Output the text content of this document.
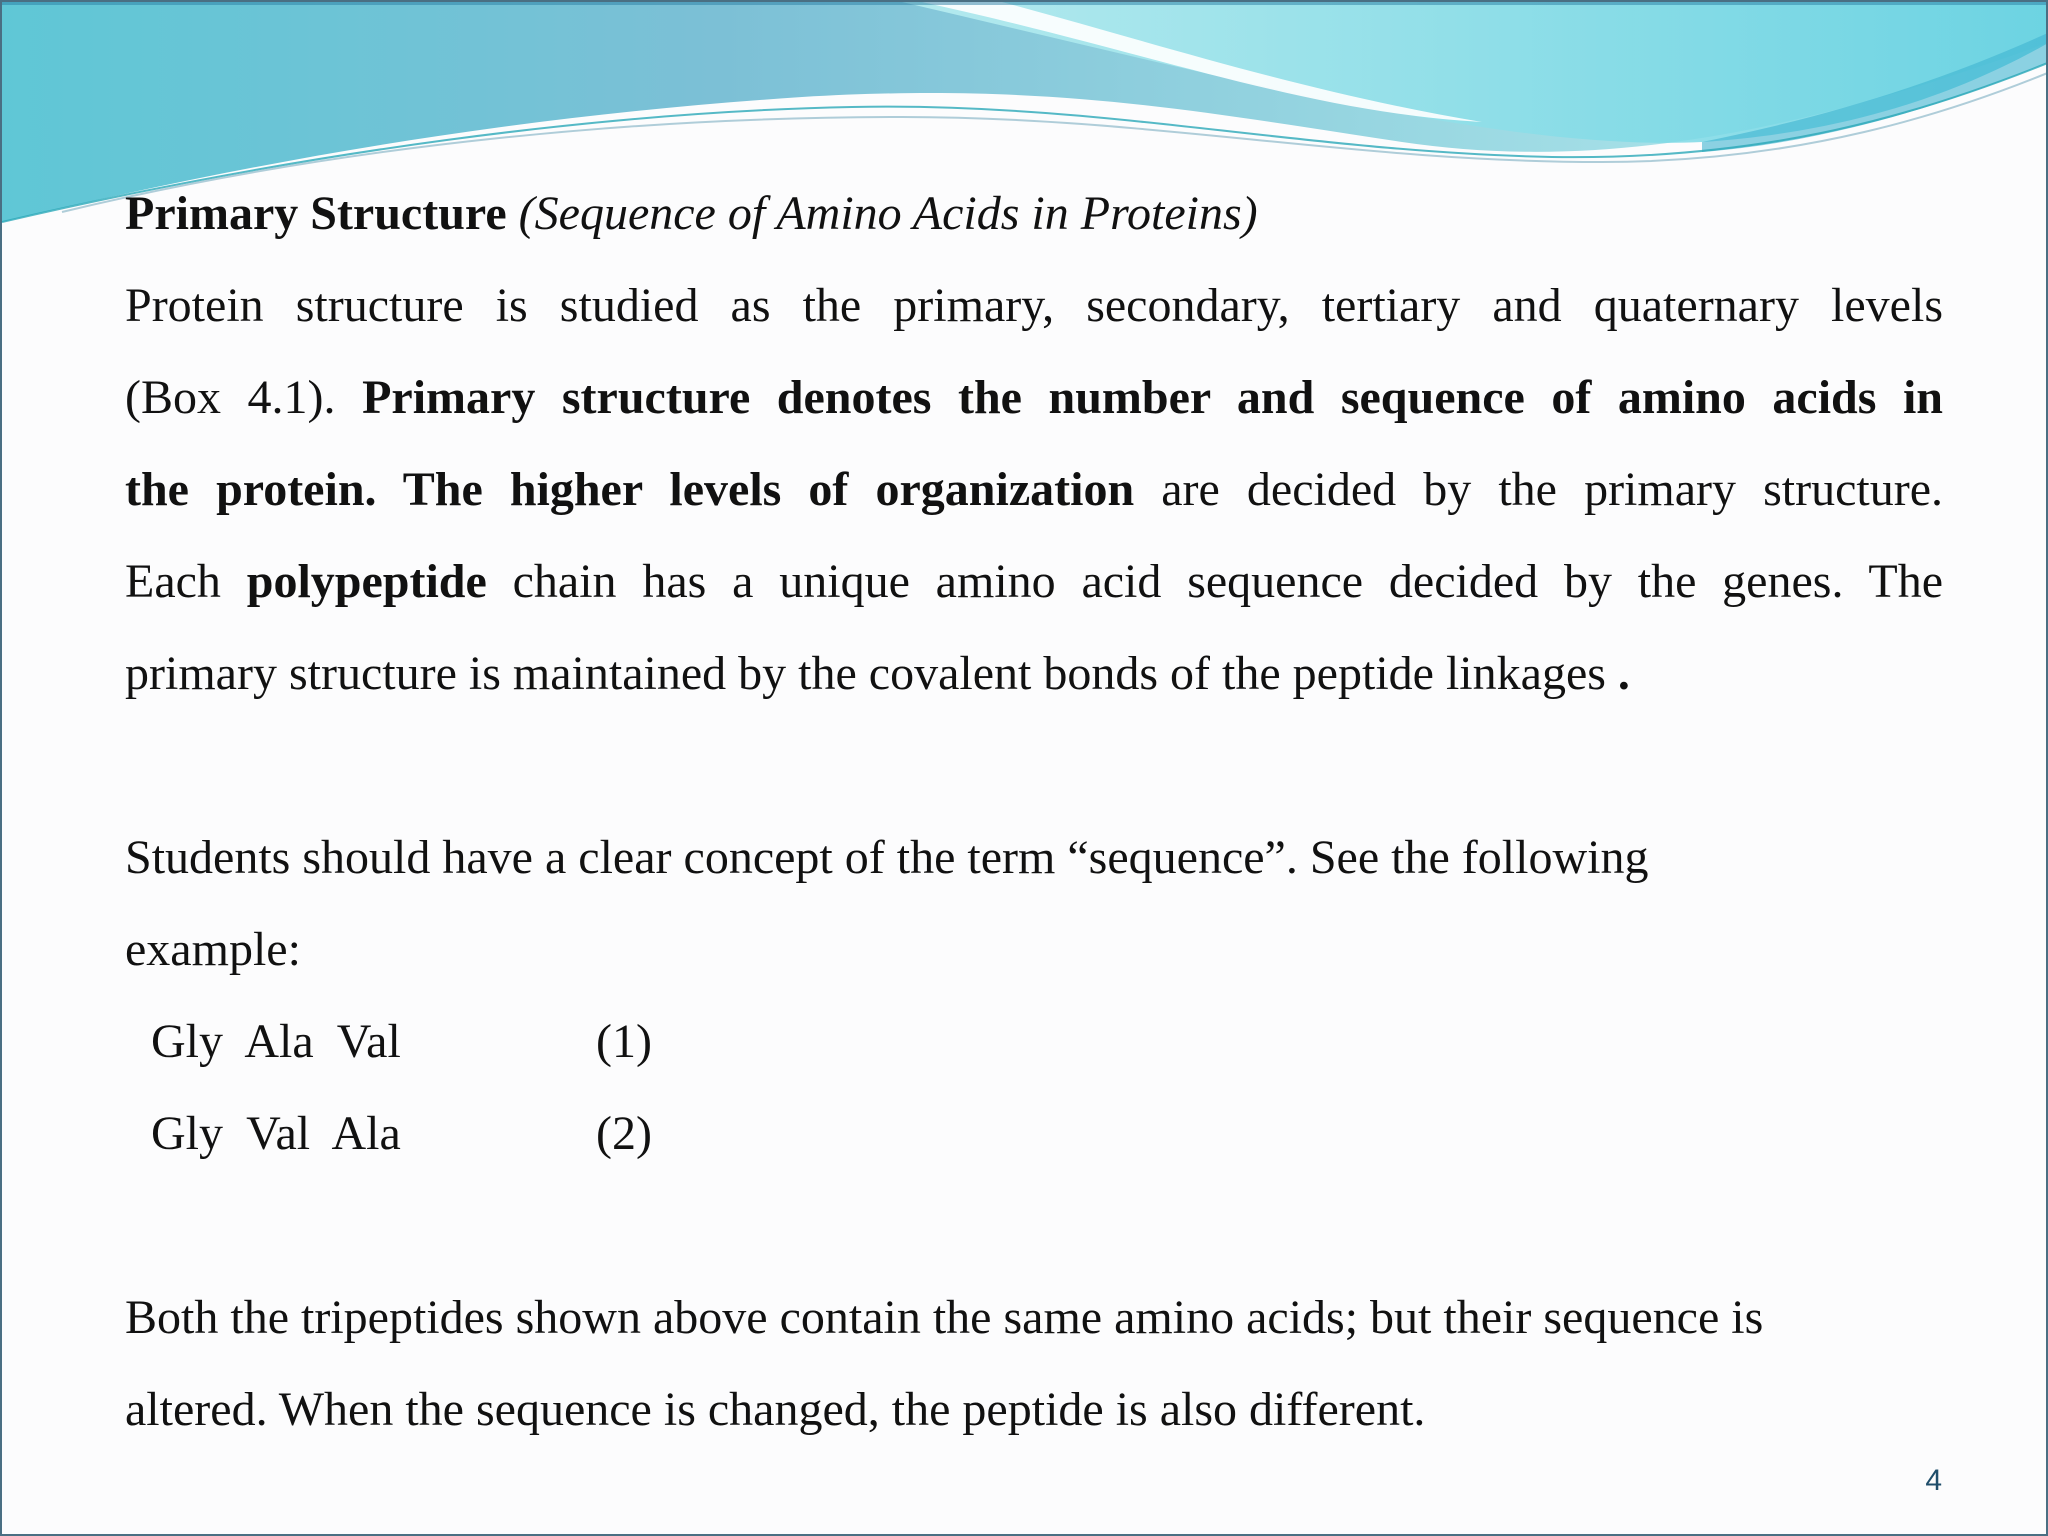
Primary Structure (Sequence of Amino Acids in Proteins)
Protein structure is studied as the primary, secondary, tertiary and quaternary levels
(Box 4.1). Primary structure denotes the number and sequence of amino acids in
the protein. The higher levels of organization are decided by the primary structure.
Each polypeptide chain has a unique amino acid sequence decided by the genes. The
primary structure is maintained by the covalent bonds of the peptide linkages .
Students should have a clear concept of the term “sequence”. See the following
example:
Gly  Ala  Val	(1)
Gly  Val  Ala	(2)
Both the tripeptides shown above contain the same amino acids; but their sequence is
altered. When the sequence is changed, the peptide is also different.
4
